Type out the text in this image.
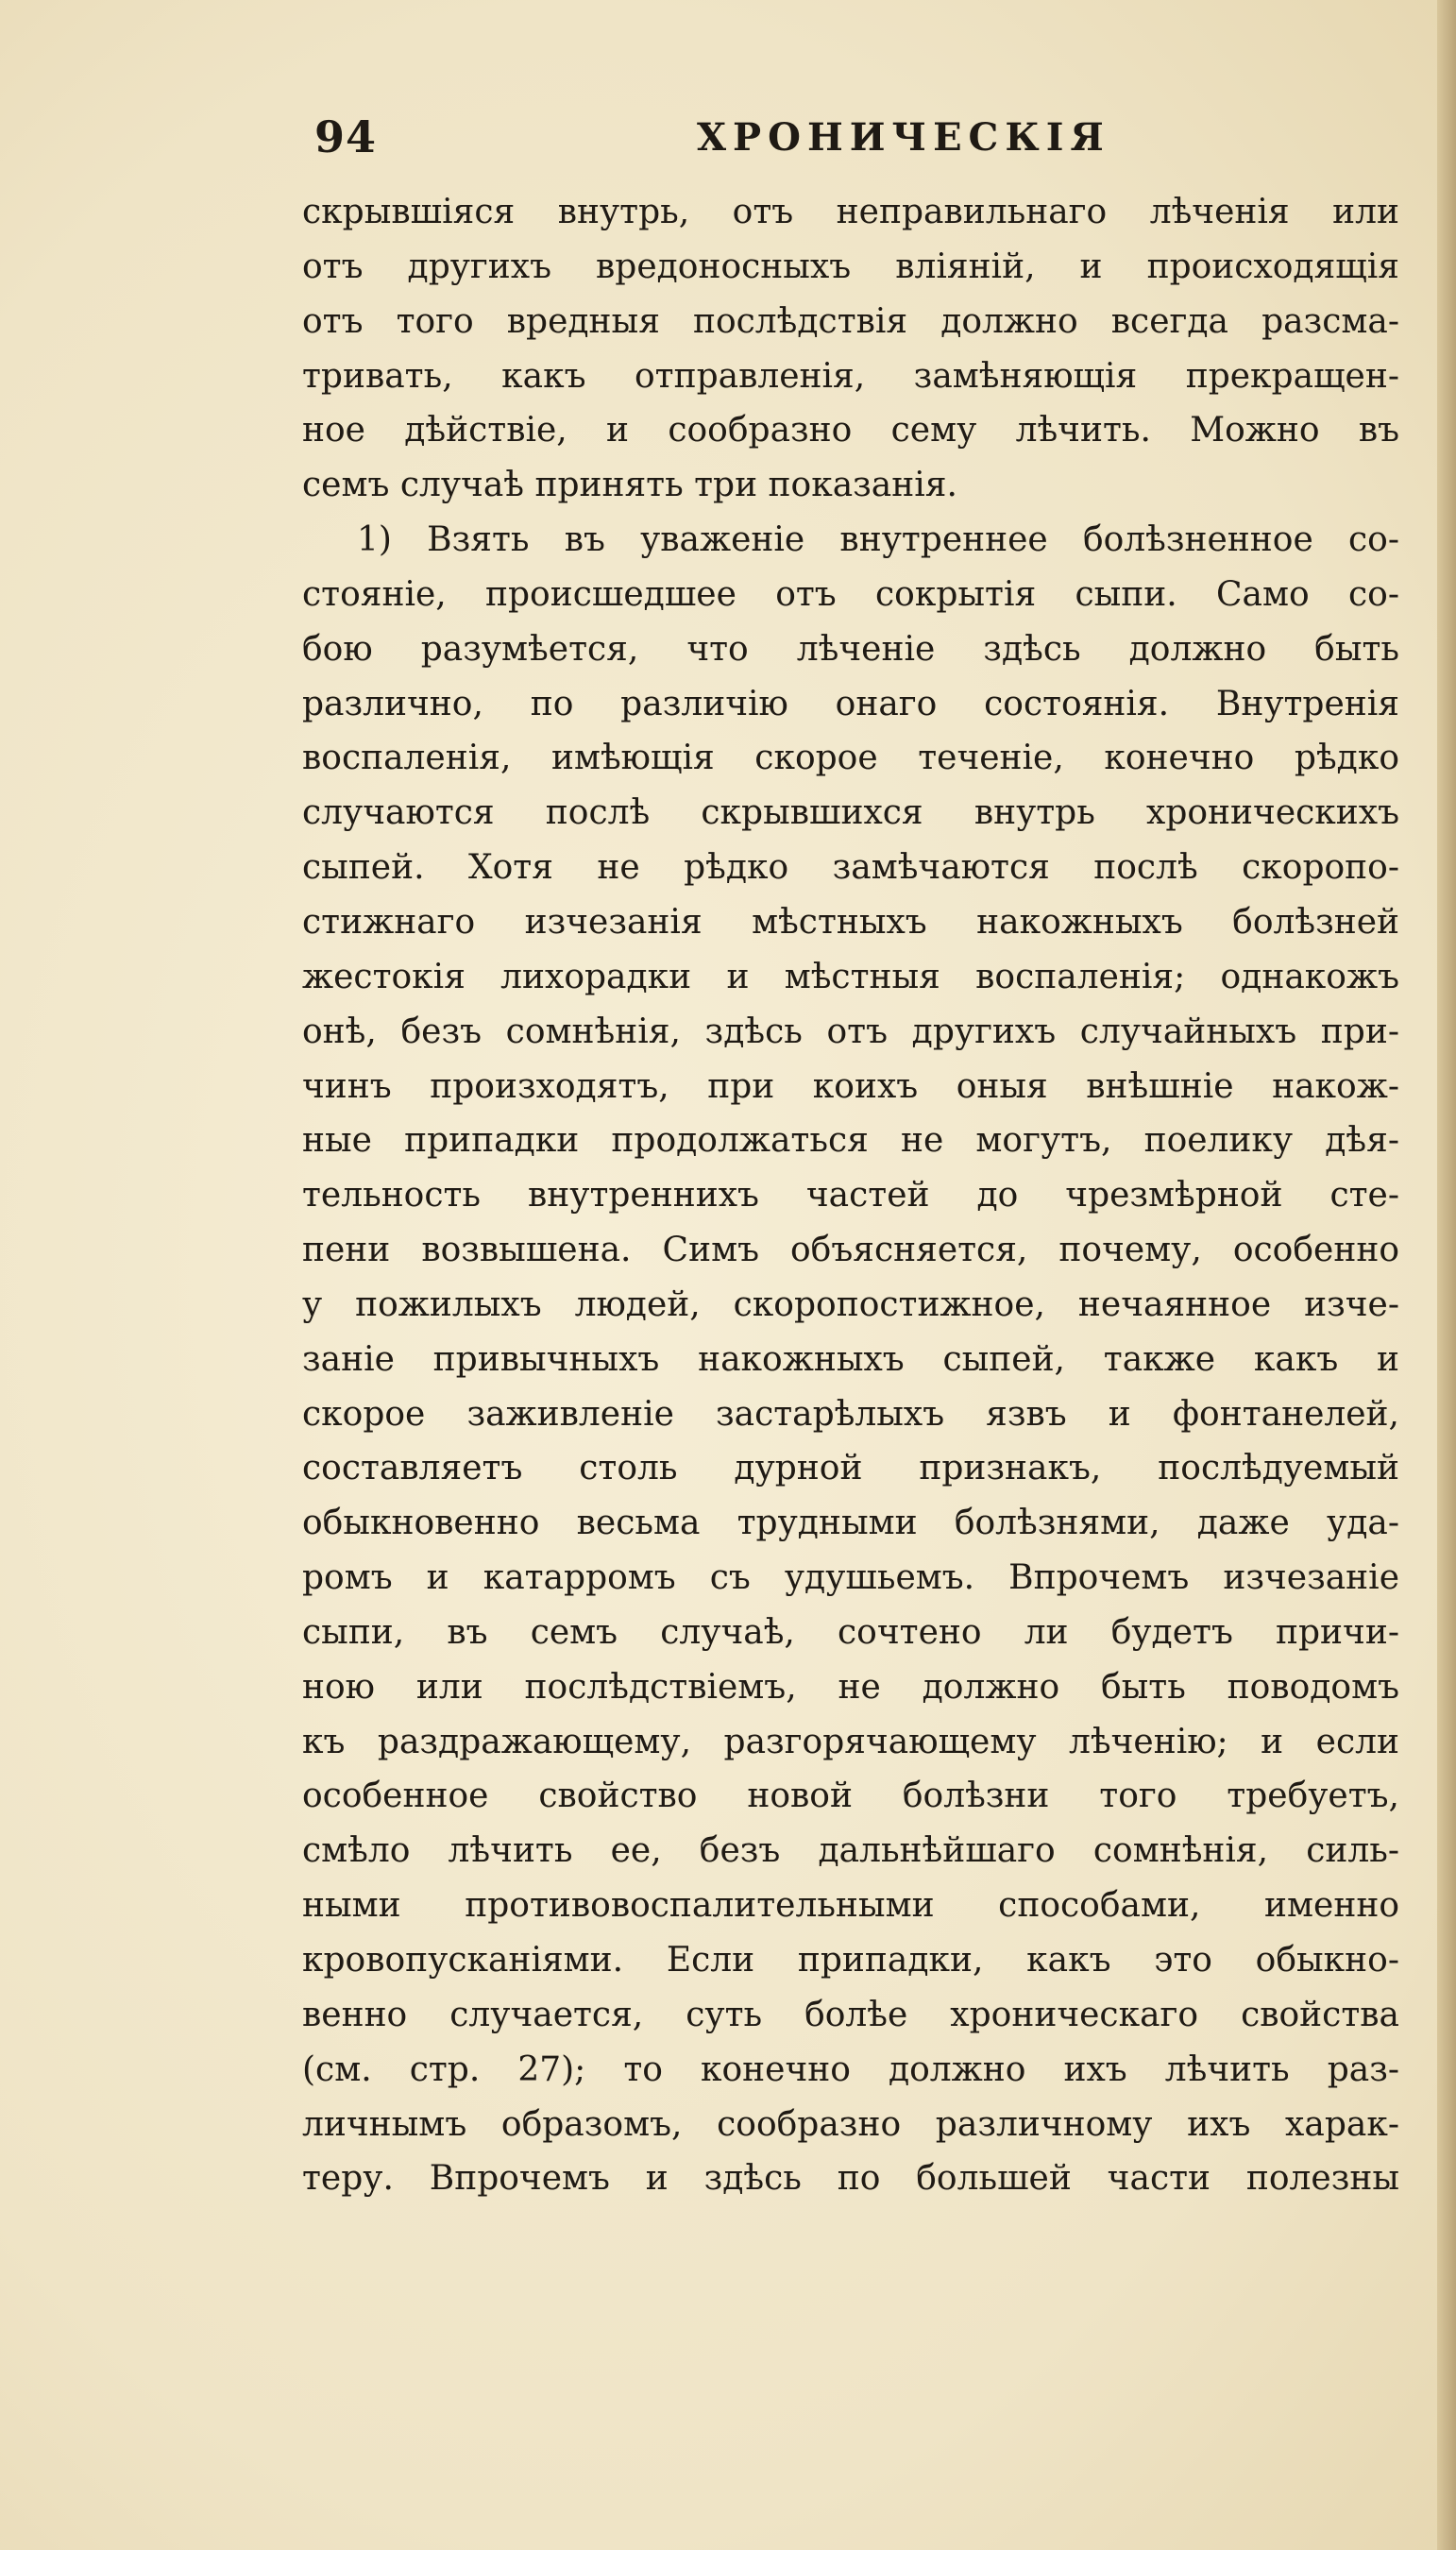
94	ХРОНИЧЕСКІЯ
скрывшіяся внутрь, отъ неправильнаго лѣченія или
отъ другихъ вредоносныхъ вліяній, и происходящія
отъ того вредныя послѣдствія должно всегда разсма-
тривать, какъ отправленія, замѣняющія прекращен-
ное дѣйствіе, и сообразно сему лѣчить. Можно въ
семъ случаѣ принять три показанія.
1) Взять въ уваженіе внутреннее болѣзненное со-
стояніе, происшедшее отъ сокрытія сыпи. Само со-
бою разумѣется, что лѣченіе здѣсь должно быть
различно, по различію онаго состоянія. Внутренія
воспаленія, имѣющія скорое теченіе, конечно рѣдко
случаются послѣ скрывшихся внутрь хроническихъ
сыпей. Хотя не рѣдко замѣчаются послѣ скоропо-
стижнаго изчезанія мѣстныхъ накожныхъ болѣзней
жестокія лихорадки и мѣстныя воспаленія; однакожъ
онѣ, безъ сомнѣнія, здѣсь отъ другихъ случайныхъ при-
чинъ произходятъ, при коихъ оныя внѣшніе накож-
ные припадки продолжаться не могутъ, поелику дѣя-
тельность внутреннихъ частей до чрезмѣрной сте-
пени возвышена. Симъ объясняется, почему, особенно
у пожилыхъ людей, скоропостижное, нечаянное изче-
заніе привычныхъ накожныхъ сыпей, также какъ и
скорое заживленіе застарѣлыхъ язвъ и фонтанелей,
составляетъ столь дурной признакъ, послѣдуемый
обыкновенно весьма трудными болѣзнями, даже уда-
ромъ и катарромъ съ удушьемъ. Впрочемъ изчезаніе
сыпи, въ семъ случаѣ, сочтено ли будетъ причи-
ною или послѣдствіемъ, не должно быть поводомъ
къ раздражающему, разгорячающему лѣченію; и если
особенное свойство новой болѣзни того требуетъ,
смѣло лѣчить ее, безъ дальнѣйшаго сомнѣнія, силь-
ными противовоспалительными способами, именно
кровопусканіями. Если припадки, какъ это обыкно-
венно случается, суть болѣе хроническаго свойства
(см. стр. 27); то конечно должно ихъ лѣчить раз-
личнымъ образомъ, сообразно различному ихъ харак-
теру. Впрочемъ и здѣсь по большей части полезны
